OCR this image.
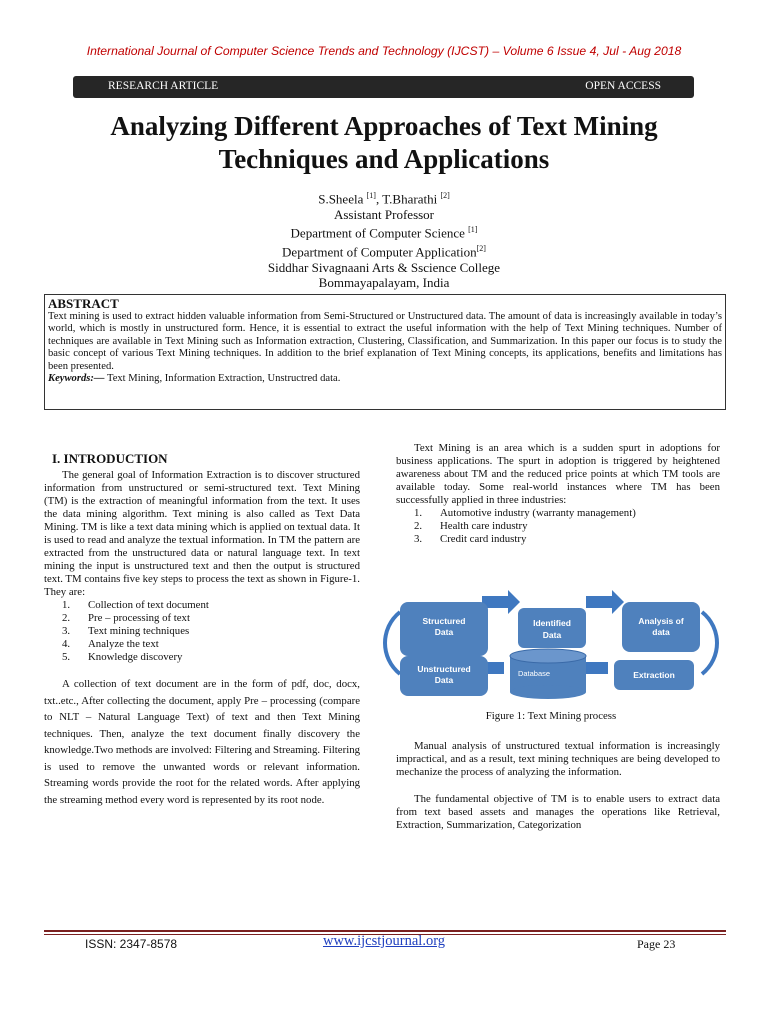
International Journal of Computer Science Trends and Technology (IJCST) – Volume 6 Issue 4, Jul - Aug 2018
RESEARCH ARTICLE	OPEN ACCESS
Analyzing Different Approaches of Text Mining
Techniques and Applications
S.Sheela [1], T.Bharathi [2]
Assistant Professor
Department of Computer Science [1]
Department of Computer Application[2]
Siddhar Sivagnaani Arts & Sscience College
Bommayapalayam, India
ABSTRACT

Text mining is used to extract hidden valuable information from Semi-Structured or Unstructured data. The amount of data is increasingly available in today’s world, which is mostly in unstructured form. Hence, it is essential to extract the useful information with the help of Text Mining techniques. Number of techniques are available in Text Mining such as Information extraction, Clustering, Classification, and Summarization. In this paper our focus is to study the basic concept of various Text Mining techniques. In addition to the brief explanation of Text Mining concepts, its applications, benefits and limitations has been presented.

Keywords:— Text Mining, Information Extraction, Unstructred data.

I. INTRODUCTION

The general goal of Information Extraction is to discover structured information from unstructured or semi-structured text. Text Mining (TM) is the extraction of meaningful information from the text. It uses the data mining algorithm. Text mining is also called as Text Data Mining. TM is like a text data mining which is applied on textual data. It is used to read and analyze the textual information. In TM the pattern are extracted from the unstructured data or natural language text. In text mining the input is unstructured text and then the output is structured text. TM contains five key steps to process the text as shown in Figure-1. They are:

1. Collection of text document
2. Pre – processing of text
3. Text mining techniques
4. Analyze the text
5. Knowledge discovery

A collection of text document are in the form of pdf, doc, docx, txt..etc., After collecting the document, apply Pre – processing (compare to NLT – Natural Language Text) of text and then Text Mining techniques. Then, analyze the text document finally discovery the knowledge.Two methods are involved: Filtering and Streaming. Filtering is used to remove the unwanted words or relevant information. Streaming words provide the root for the related words. After applying the streaming method every word is represented by its root node.

Text Mining is an area which is a sudden spurt in adoptions for business applications. The spurt in adoption is triggered by heightened awareness about TM and the reduced price points at which TM tools are available today. Some real-world instances where TM has been successfully applied in three industries:

1. Automotive industry (warranty management)
2. Health care industry
3. Credit card industry
Structured
Data
Identified
Data
Analysis of
data
Unstructured
Data
Database	Extraction
Figure 1: Text Mining process

Manual analysis of unstructured textual information is increasingly impractical, and as a result, text mining techniques are being developed to mechanize the process of analyzing the information.

The fundamental objective of TM is to enable users to extract data from text based assets and manages the operations like Retrieval, Extraction, Summarization, Categorization

ISSN: 2347-8578	www.ijcstjournal.org	Page 23
